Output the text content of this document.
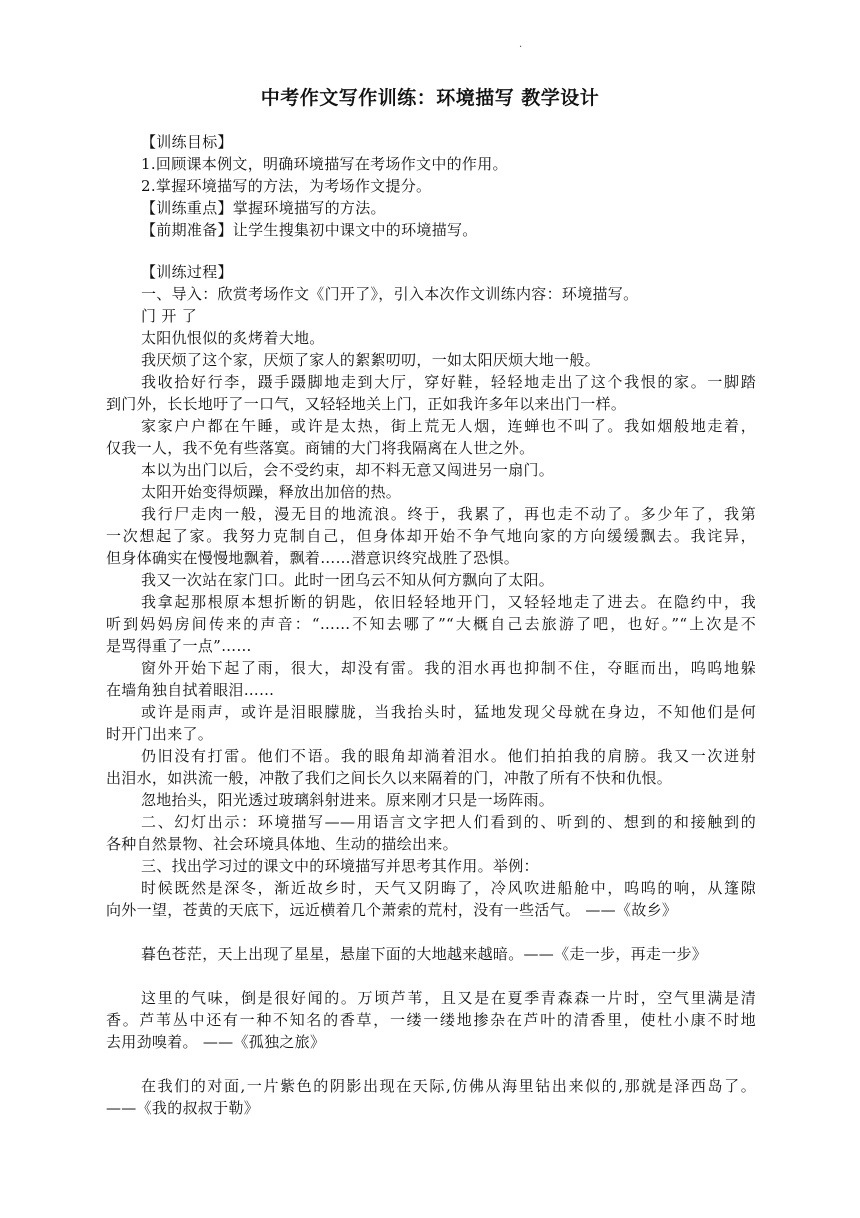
.
中考作文写作训练：环境描写 教学设计
【训练目标】
1.回顾课本例文，明确环境描写在考场作文中的作用。
2.掌握环境描写的方法，为考场作文提分。
【训练重点】掌握环境描写的方法。
【前期准备】让学生搜集初中课文中的环境描写。
【训练过程】
一、导入：欣赏考场作文《门开了》，引入本次作文训练内容：环境描写。
门 开 了
太阳仇恨似的炙烤着大地。
我厌烦了这个家，厌烦了家人的絮絮叨叨，一如太阳厌烦大地一般。
我收拾好行李，蹑手蹑脚地走到大厅，穿好鞋，轻轻地走出了这个我恨的家。一脚踏
到门外，长长地吁了一口气，又轻轻地关上门，正如我许多年以来出门一样。
家家户户都在午睡，或许是太热，街上荒无人烟，连蝉也不叫了。我如烟般地走着，
仅我一人，我不免有些落寞。商铺的大门将我隔离在人世之外。
本以为出门以后，会不受约束，却不料无意又闯进另一扇门。
太阳开始变得烦躁，释放出加倍的热。
我行尸走肉一般，漫无目的地流浪。终于，我累了，再也走不动了。多少年了，我第
一次想起了家。我努力克制自己，但身体却开始不争气地向家的方向缓缓飘去。我诧异，
但身体确实在慢慢地飘着，飘着……潜意识终究战胜了恐惧。
我又一次站在家门口。此时一团乌云不知从何方飘向了太阳。
我拿起那根原本想折断的钥匙，依旧轻轻地开门，又轻轻地走了进去。在隐约中，我
听到妈妈房间传来的声音：“……不知去哪了”“大概自己去旅游了吧，也好。”“上次是不
是骂得重了一点”……
窗外开始下起了雨，很大，却没有雷。我的泪水再也抑制不住，夺眶而出，呜呜地躲
在墙角独自拭着眼泪……
或许是雨声，或许是泪眼朦胧，当我抬头时，猛地发现父母就在身边，不知他们是何
时开门出来了。
仍旧没有打雷。他们不语。我的眼角却淌着泪水。他们拍拍我的肩膀。我又一次迸射
出泪水，如洪流一般，冲散了我们之间长久以来隔着的门，冲散了所有不快和仇恨。
忽地抬头，阳光透过玻璃斜射进来。原来刚才只是一场阵雨。
二、幻灯出示：环境描写——用语言文字把人们看到的、听到的、想到的和接触到的
各种自然景物、社会环境具体地、生动的描绘出来。
三、找出学习过的课文中的环境描写并思考其作用。举例：
时候既然是深冬，渐近故乡时，天气又阴晦了，冷风吹进船舱中，呜呜的响，从篷隙
向外一望，苍黄的天底下，远近横着几个萧索的荒村，没有一些活气。 ——《故乡》
暮色苍茫，天上出现了星星，悬崖下面的大地越来越暗。——《走一步，再走一步》
这里的气味，倒是很好闻的。万顷芦苇，且又是在夏季青森森一片时，空气里满是清
香。芦苇丛中还有一种不知名的香草，一缕一缕地掺杂在芦叶的清香里，使杜小康不时地
去用劲嗅着。 ——《孤独之旅》
在我们的对面,一片紫色的阴影出现在天际,仿佛从海里钻出来似的,那就是泽西岛了。
——《我的叔叔于勒》
